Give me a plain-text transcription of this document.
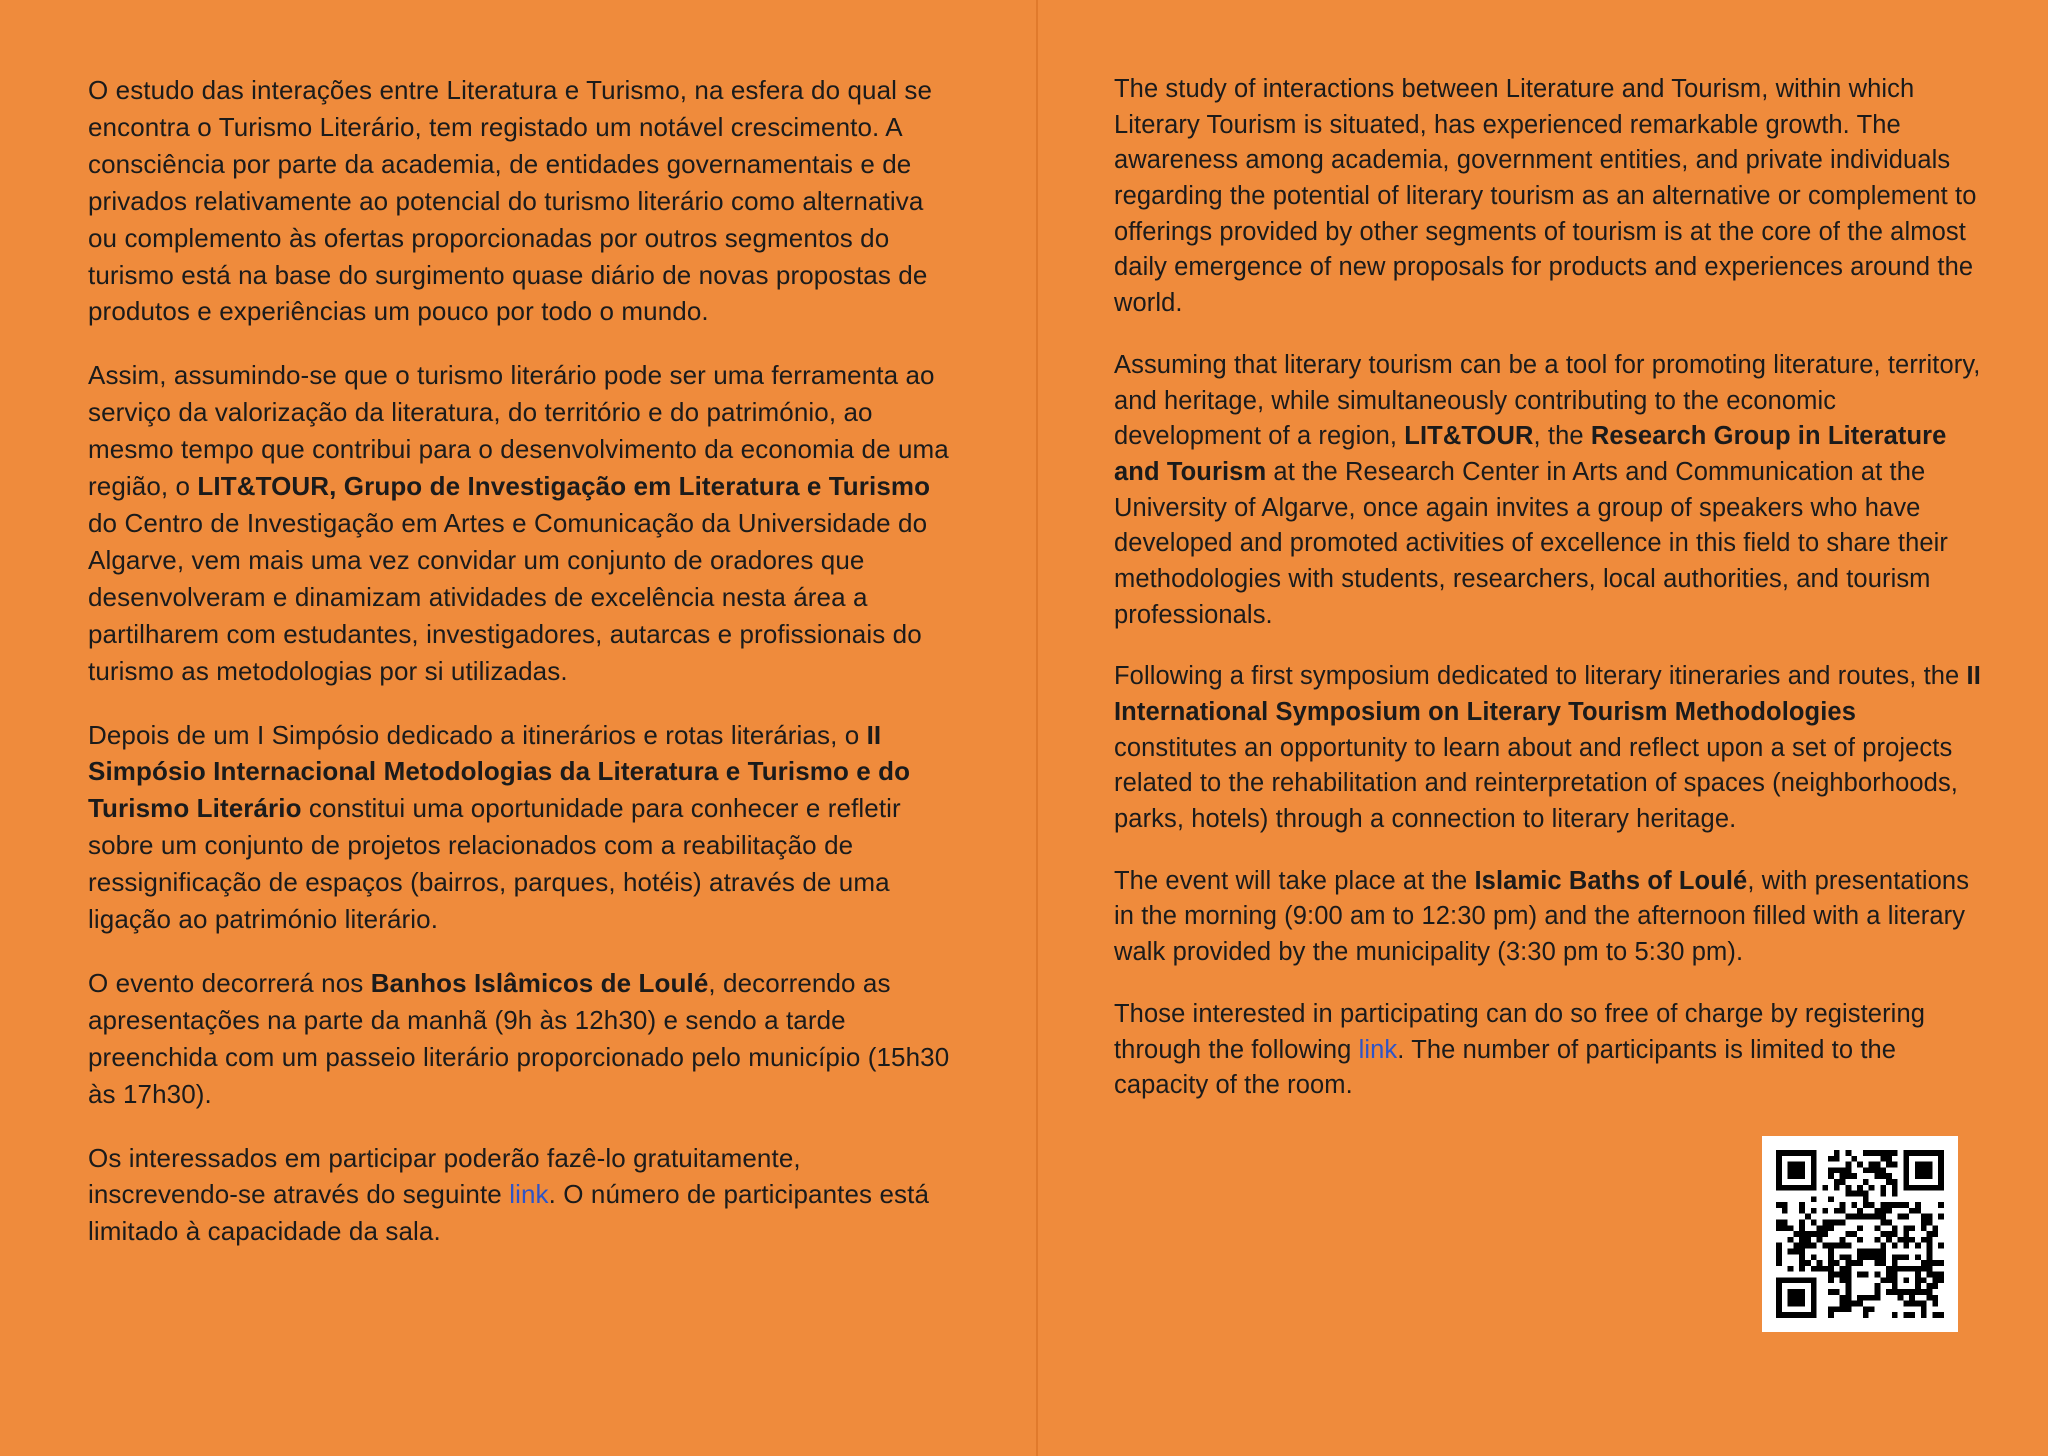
O estudo das interações entre Literatura e Turismo, na esfera do qual se encontra o Turismo Literário, tem registado um notável crescimento. A consciência por parte da academia, de entidades governamentais e de privados relativamente ao potencial do turismo literário como alternativa ou complemento às ofertas proporcionadas por outros segmentos do turismo está na base do surgimento quase diário de novas propostas de produtos e experiências um pouco por todo o mundo.

Assim, assumindo-se que o turismo literário pode ser uma ferramenta ao serviço da valorização da literatura, do território e do património, ao mesmo tempo que contribui para o desenvolvimento da economia de uma região, o LIT&TOUR, Grupo de Investigação em Literatura e Turismo do Centro de Investigação em Artes e Comunicação da Universidade do Algarve, vem mais uma vez convidar um conjunto de oradores que desenvolveram e dinamizam atividades de excelência nesta área a partilharem com estudantes, investigadores, autarcas e profissionais do turismo as metodologias por si utilizadas.

Depois de um I Simpósio dedicado a itinerários e rotas literárias, o II Simpósio Internacional Metodologias da Literatura e Turismo e do Turismo Literário constitui uma oportunidade para conhecer e refletir sobre um conjunto de projetos relacionados com a reabilitação de ressignificação de espaços (bairros, parques, hotéis) através de uma ligação ao património literário.

O evento decorrerá nos Banhos Islâmicos de Loulé, decorrendo as apresentações na parte da manhã (9h às 12h30) e sendo a tarde preenchida com um passeio literário proporcionado pelo município (15h30 às 17h30).

Os interessados em participar poderão fazê-lo gratuitamente, inscrevendo-se através do seguinte link. O número de participantes está limitado à capacidade da sala.

The study of interactions between Literature and Tourism, within which Literary Tourism is situated, has experienced remarkable growth. The awareness among academia, government entities, and private individuals regarding the potential of literary tourism as an alternative or complement to offerings provided by other segments of tourism is at the core of the almost daily emergence of new proposals for products and experiences around the world.

Assuming that literary tourism can be a tool for promoting literature, territory, and heritage, while simultaneously contributing to the economic development of a region, LIT&TOUR, the Research Group in Literature and Tourism at the Research Center in Arts and Communication at the University of Algarve, once again invites a group of speakers who have developed and promoted activities of excellence in this field to share their methodologies with students, researchers, local authorities, and tourism professionals.

Following a first symposium dedicated to literary itineraries and routes, the II International Symposium on Literary Tourism Methodologies constitutes an opportunity to learn about and reflect upon a set of projects related to the rehabilitation and reinterpretation of spaces (neighborhoods, parks, hotels) through a connection to literary heritage.

The event will take place at the Islamic Baths of Loulé, with presentations in the morning (9:00 am to 12:30 pm) and the afternoon filled with a literary walk provided by the municipality (3:30 pm to 5:30 pm).

Those interested in participating can do so free of charge by registering through the following link. The number of participants is limited to the capacity of the room.
